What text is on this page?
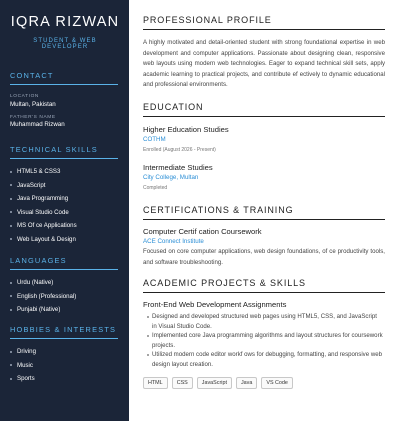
IQRA RIZWAN
STUDENT & WEB DEVELOPER
CONTACT
LOCATION
Multan, Pakistan
FATHER'S NAME
Muhammad Rizwan
TECHNICAL SKILLS
HTML5 & CSS3
JavaScript
Java Programming
Visual Studio Code
MS Of ce Applications
Web Layout & Design
LANGUAGES
Urdu (Native)
English (Professional)
Punjabi (Native)
HOBBIES & INTERESTS
Driving
Music
Sports
PROFESSIONAL PROFILE

A highly motivated and detail-oriented student with strong foundational expertise in web development and computer applications. Passionate about designing clean, responsive web layouts using modern web technologies. Eager to expand technical skill sets, apply academic learning to practical projects, and contribute ef ectively to dynamic educational and professional environments.

EDUCATION
Higher Education Studies
COTHM
Enrolled (August 2026 - Present)
Intermediate Studies
City College, Multan
Completed
CERTIFICATIONS & TRAINING
Computer Certif cation Coursework
ACE Connect Institute

Focused on core computer applications, web design foundations, of ce productivity tools, and software troubleshooting.

ACADEMIC PROJECTS & SKILLS
Front-End Web Development Assignments
Designed and developed structured web pages using HTML5, CSS, and JavaScript in Visual Studio Code.
Implemented core Java programming algorithms and layout structures for coursework projects.
Utilized modern code editor workf ows for debugging, formatting, and responsive web design layout creation.
HTML	CSS	JavaScript	Java	VS Code
